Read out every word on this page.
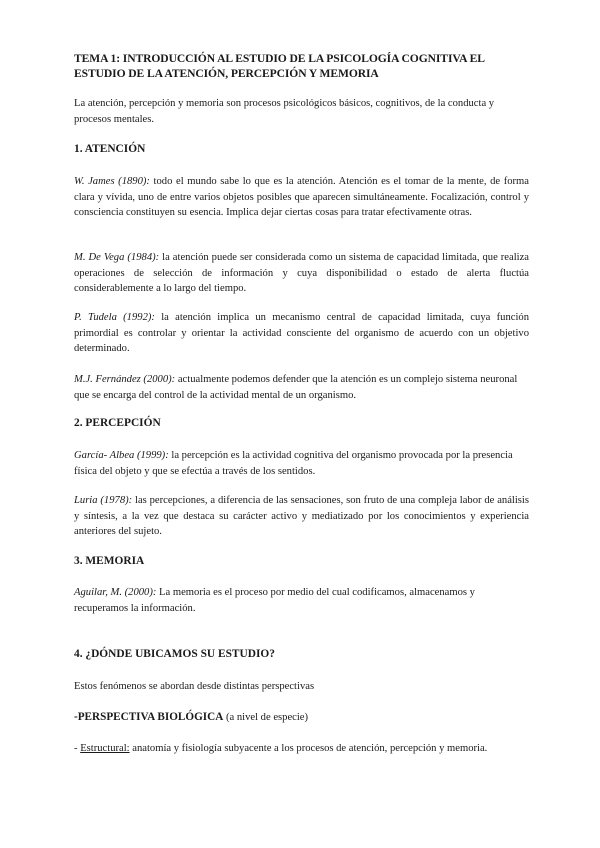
TEMA 1: INTRODUCCIÓN AL ESTUDIO DE LA PSICOLOGÍA COGNITIVA EL ESTUDIO DE LA ATENCIÓN, PERCEPCIÓN Y MEMORIA
La atención, percepción y memoria son procesos psicológicos básicos, cognitivos, de la conducta y procesos mentales.
1. ATENCIÓN
W. James (1890): todo el mundo sabe lo que es la atención. Atención es el tomar de la mente, de forma clara y vívida, uno de entre varios objetos posibles que aparecen simultáneamente. Focalización, control y consciencia constituyen su esencia. Implica dejar ciertas cosas para tratar efectivamente otras.
M. De Vega (1984): la atención puede ser considerada como un sistema de capacidad limitada, que realiza operaciones de selección de información y cuya disponibilidad o estado de alerta fluctúa considerablemente a lo largo del tiempo.
P. Tudela (1992): la atención implica un mecanismo central de capacidad limitada, cuya función primordial es controlar y orientar la actividad consciente del organismo de acuerdo con un objetivo determinado.
M.J. Fernández (2000): actualmente podemos defender que la atención es un complejo sistema neuronal que se encarga del control de la actividad mental de un organismo.
2. PERCEPCIÓN
García- Albea (1999): la percepción es la actividad cognitiva del organismo provocada por la presencia física del objeto y que se efectúa a través de los sentidos.
Luria (1978): las percepciones, a diferencia de las sensaciones, son fruto de una compleja labor de análisis y síntesis, a la vez que destaca su carácter activo y mediatizado por los conocimientos y experiencia anteriores del sujeto.
3. MEMORIA
Aguilar, M. (2000): La memoria es el proceso por medio del cual codificamos, almacenamos y recuperamos la información.
4. ¿DÓNDE UBICAMOS SU ESTUDIO?
Estos fenómenos se abordan desde distintas perspectivas
-PERSPECTIVA BIOLÓGICA (a nivel de especie)
- Estructural: anatomía y fisiología subyacente a los procesos de atención, percepción y memoria.
